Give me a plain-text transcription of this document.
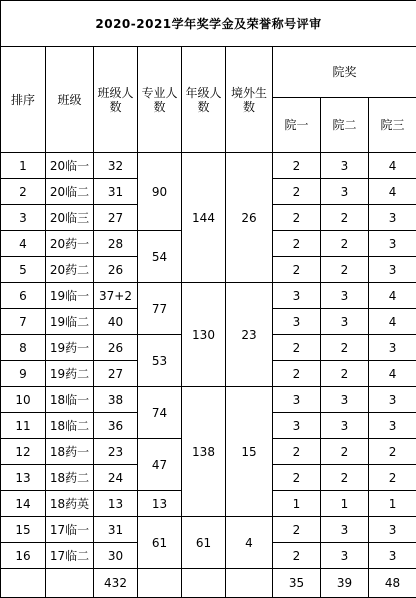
2020-2021学年奖学金及荣誉称号评审								
排序	班级	班级人数	专业人数	年级人数	境外生数	院奖		
						院一	院二	院三
1	20临一	32	90	144	26	2	3	4
2	20临二	31				2	3	4
3	20临三	27				2	2	3
4	20药一	28	54			2	2	3
5	20药二	26				2	2	3
6	19临一	37+2	77	130	23	3	3	4
7	19临二	40				3	3	4
8	19药一	26	53			2	2	3
9	19药二	27				2	2	4
10	18临一	38	74	138	15	3	3	3
11	18临二	36				3	3	3
12	18药一	23	47			2	2	2
13	18药二	24				2	2	2
14	18药英	13	13			1	1	1
15	17临一	31	61	61	4	2	3	3
16	17临二	30				2	3	3
		432				35	39	48
